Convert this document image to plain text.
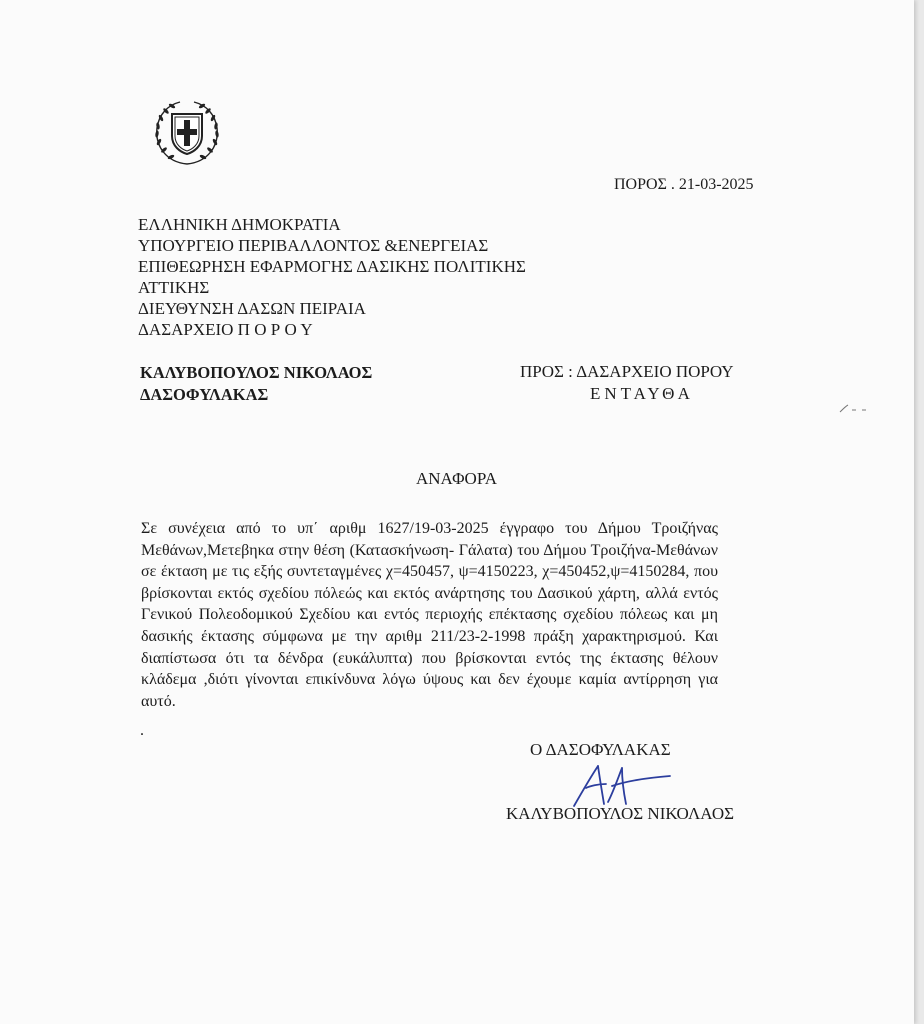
ΠΟΡΟΣ . 21-03-2025
ΕΛΛΗΝΙΚΗ ΔΗΜΟΚΡΑΤΙΑ
ΥΠΟΥΡΓΕΙΟ ΠΕΡΙΒΑΛΛΟΝΤΟΣ &ΕΝΕΡΓΕΙΑΣ
ΕΠΙΘΕΩΡΗΣΗ ΕΦΑΡΜΟΓΗΣ ΔΑΣΙΚΗΣ ΠΟΛΙΤΙΚΗΣ
ΑΤΤΙΚΗΣ
ΔΙΕΥΘΥΝΣΗ ΔΑΣΩΝ ΠΕΙΡΑΙΑ
ΔΑΣΑΡΧΕΙΟ Π Ο Ρ Ο Υ
ΚΑΛΥΒΟΠΟΥΛΟΣ ΝΙΚΟΛΑΟΣ
ΔΑΣΟΦΥΛΑΚΑΣ
ΠΡΟΣ : ΔΑΣΑΡΧΕΙΟ ΠΟΡΟΥ
ΕΝΤΑΥΘΑ
ΑΝΑΦΟΡΑ
Σε συνέχεια από το υπ΄ αριθμ 1627/19-03-2025 έγγραφο του Δήμου Τροιζήνας Μεθάνων,Μετεβηκα στην θέση (Κατασκήνωση- Γάλατα) του Δήμου Τροιζήνα-Μεθάνων σε έκταση με τις εξής συντεταγμένες χ=450457, ψ=4150223, χ=450452,ψ=4150284, που βρίσκονται εκτός σχεδίου πόλεώς και εκτός ανάρτησης του Δασικού χάρτη, αλλά εντός Γενικού Πολεοδομικού Σχεδίου και εντός περιοχής επέκτασης σχεδίου πόλεως και μη δασικής έκτασης σύμφωνα με την αριθμ 211/23-2-1998 πράξη χαρακτηρισμού. Και διαπίστωσα ότι τα δένδρα (ευκάλυπτα) που βρίσκονται εντός της έκτασης θέλουν κλάδεμα ,διότι γίνονται επικίνδυνα λόγω ύψους και δεν έχουμε καμία αντίρρηση για αυτό.
.
Ο ΔΑΣΟΦΥΛΑΚΑΣ
ΚΑΛΥΒΟΠΟΥΛΟΣ ΝΙΚΟΛΑΟΣ
